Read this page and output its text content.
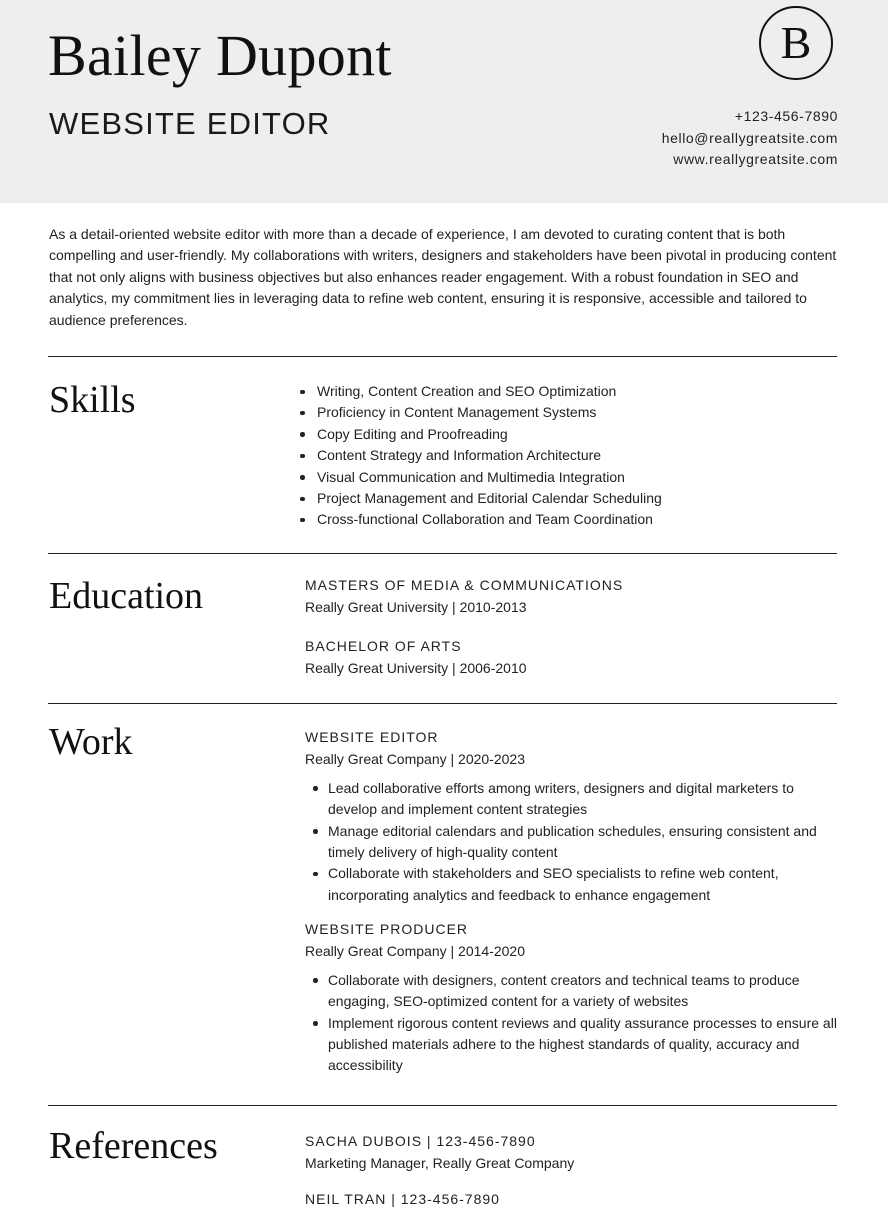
Bailey Dupont
WEBSITE EDITOR
B
+123-456-7890
hello@reallygreatsite.com
www.reallygreatsite.com

As a detail-oriented website editor with more than a decade of experience, I am devoted to curating content that is both compelling and user-friendly. My collaborations with writers, designers and stakeholders have been pivotal in producing content that not only aligns with business objectives but also enhances reader engagement. With a robust foundation in SEO and analytics, my commitment lies in leveraging data to refine web content, ensuring it is responsive, accessible and tailored to audience preferences.

Skills	Writing, Content Creation and SEO Optimization
Proficiency in Content Management Systems
Copy Editing and Proofreading
Content Strategy and Information Architecture
Visual Communication and Multimedia Integration
Project Management and Editorial Calendar Scheduling
Cross-functional Collaboration and Team Coordination
Education	MASTERS OF MEDIA & COMMUNICATIONS
Really Great University | 2010-2013
BACHELOR OF ARTS
Really Great University | 2006-2010
Work	WEBSITE EDITOR
Really Great Company | 2020-2023
Lead collaborative efforts among writers, designers and digital marketers to develop and implement content strategies
Manage editorial calendars and publication schedules, ensuring consistent and timely delivery of high-quality content
Collaborate with stakeholders and SEO specialists to refine web content, incorporating analytics and feedback to enhance engagement
WEBSITE PRODUCER
Really Great Company | 2014-2020
Collaborate with designers, content creators and technical teams to produce engaging, SEO-optimized content for a variety of websites
Implement rigorous content reviews and quality assurance processes to ensure all published materials adhere to the highest standards of quality, accuracy and accessibility
References	SACHA DUBOIS | 123-456-7890
Marketing Manager, Really Great Company
NEIL TRAN | 123-456-7890
